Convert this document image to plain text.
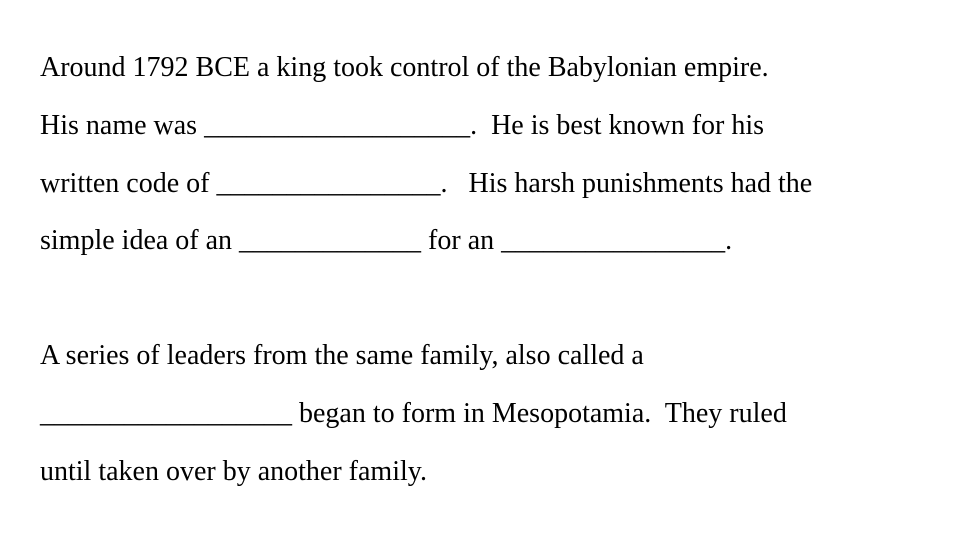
Around 1792 BCE a king took control of the Babylonian empire.

His name was ___________________.  He is best known for his

written code of ________________.   His harsh punishments had the

simple idea of an _____________ for an ________________.

A series of leaders from the same family, also called a

__________________ began to form in Mesopotamia.  They ruled

until taken over by another family.
